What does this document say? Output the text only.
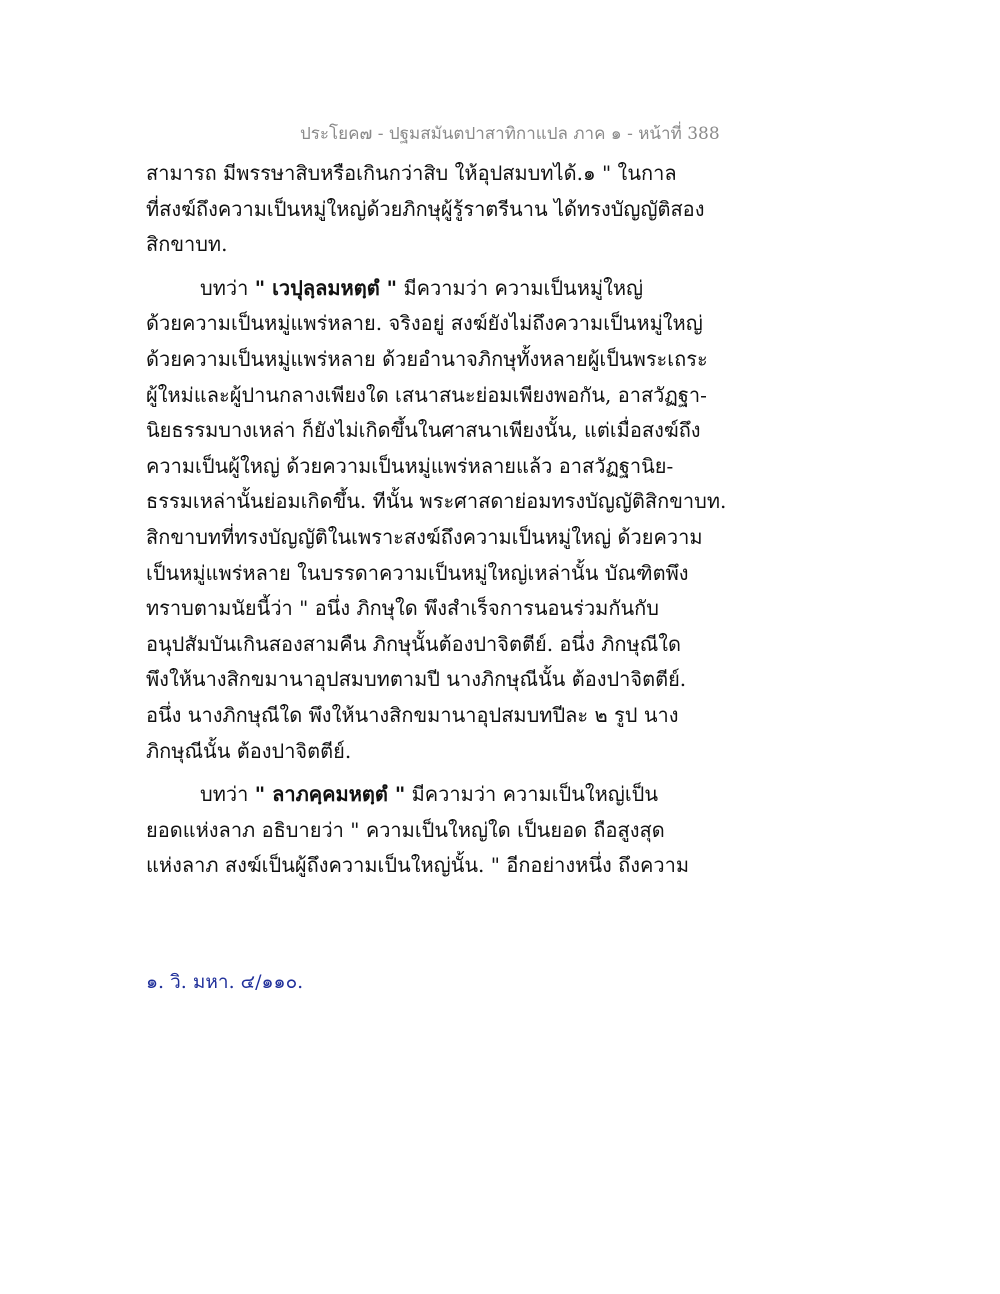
ประโยค๗ - ปฐมสมันตปาสาทิกาแปล ภาค ๑ - หน้าที่ 388
สามารถ มีพรรษาสิบหรือเกินกว่าสิบ ให้อุปสมบทได้.๑ " ในกาล
ที่สงฆ์ถึงความเป็นหมู่ใหญ่ด้วยภิกษุผู้รู้ราตรีนาน ได้ทรงบัญญัติสอง
สิกขาบท.
บทว่า " เวปุลฺลมหตฺตํ " มีความว่า ความเป็นหมู่ใหญ่
ด้วยความเป็นหมู่แพร่หลาย. จริงอยู่ สงฆ์ยังไม่ถึงความเป็นหมู่ใหญ่
ด้วยความเป็นหมู่แพร่หลาย ด้วยอำนาจภิกษุทั้งหลายผู้เป็นพระเถระ
ผู้ใหม่และผู้ปานกลางเพียงใด เสนาสนะย่อมเพียงพอกัน, อาสวัฏฐา-
นิยธรรมบางเหล่า ก็ยังไม่เกิดขึ้นในศาสนาเพียงนั้น, แต่เมื่อสงฆ์ถึง
ความเป็นผู้ใหญ่ ด้วยความเป็นหมู่แพร่หลายแล้ว อาสวัฏฐานิย-
ธรรมเหล่านั้นย่อมเกิดขึ้น. ทีนั้น พระศาสดาย่อมทรงบัญญัติสิกขาบท.
สิกขาบทที่ทรงบัญญัติในเพราะสงฆ์ถึงความเป็นหมู่ใหญ่ ด้วยความ
เป็นหมู่แพร่หลาย ในบรรดาความเป็นหมู่ใหญ่เหล่านั้น บัณฑิตพึง
ทราบตามนัยนี้ว่า " อนึ่ง ภิกษุใด พึงสำเร็จการนอนร่วมกันกับ
อนุปสัมบันเกินสองสามคืน ภิกษุนั้นต้องปาจิตตีย์. อนึ่ง ภิกษุณีใด
พึงให้นางสิกขมานาอุปสมบทตามปี นางภิกษุณีนั้น ต้องปาจิตตีย์.
อนึ่ง นางภิกษุณีใด พึงให้นางสิกขมานาอุปสมบทปีละ ๒ รูป นาง
ภิกษุณีนั้น ต้องปาจิตตีย์.
บทว่า " ลาภคฺคมหตฺตํ " มีความว่า ความเป็นใหญ่เป็น
ยอดแห่งลาภ อธิบายว่า " ความเป็นใหญ่ใด เป็นยอด ถือสูงสุด
แห่งลาภ สงฆ์เป็นผู้ถึงความเป็นใหญ่นั้น. " อีกอย่างหนึ่ง ถึงความ
๑. วิ. มหา. ๔/๑๑๐.
